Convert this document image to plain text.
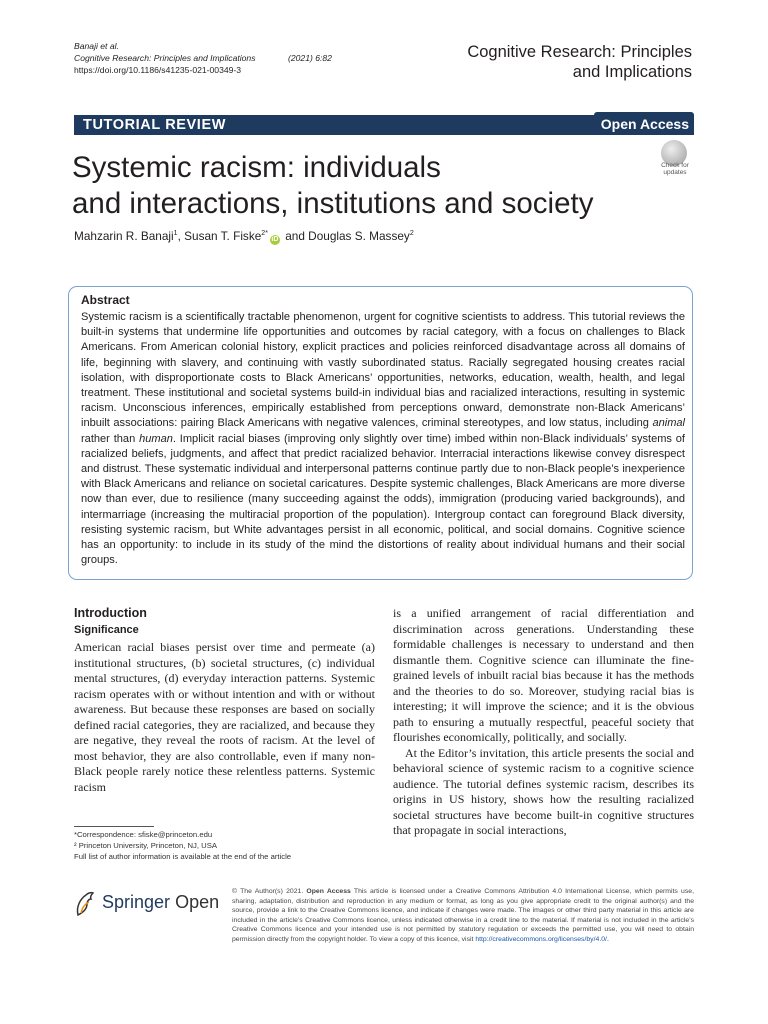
Banaji et al.
Cognitive Research: Principles and Implications	(2021) 6:82
https://doi.org/10.1186/s41235-021-00349-3
Cognitive Research: Principles
and Implications
TUTORIAL REVIEW	Open Access
Systemic racism: individuals
and interactions, institutions and society
Check for
updates
Mahzarin R. Banaji$^1$, Susan T. Fiske$^{2*}$iD and Douglas S. Massey$^2$
Abstract
Systemic racism is a scientifically tractable phenomenon, urgent for cognitive scientists to address. This tutorial reviews the built-in systems that undermine life opportunities and outcomes by racial category, with a focus on challenges to Black Americans. From American colonial history, explicit practices and policies reinforced disadvantage across all domains of life, beginning with slavery, and continuing with vastly subordinated status. Racially segregated housing creates racial isolation, with disproportionate costs to Black Americans’ opportunities, networks, education, wealth, health, and legal treatment. These institutional and societal systems build-in individual bias and racialized interactions, resulting in systemic racism. Unconscious inferences, empirically established from perceptions onward, demonstrate non-Black Americans’ inbuilt associations: pairing Black Americans with negative valences, criminal stereotypes, and low status, including animal rather than human. Implicit racial biases (improving only slightly over time) imbed within non-Black individuals’ systems of racialized beliefs, judgments, and affect that predict racialized behavior. Interracial interactions likewise convey disrespect and distrust. These systematic individual and interpersonal patterns continue partly due to non-Black people’s inexperience with Black Americans and reliance on societal caricatures. Despite systemic challenges, Black Americans are more diverse now than ever, due to resilience (many succeeding against the odds), immigration (producing varied backgrounds), and intermarriage (increasing the multiracial proportion of the population). Intergroup contact can foreground Black diversity, resisting systemic racism, but White advantages persist in all economic, political, and social domains. Cognitive science has an opportunity: to include in its study of the mind the distortions of reality about individual humans and their social groups.
Introduction
Significance

American racial biases persist over time and permeate (a) institutional structures, (b) societal structures, (c) individual mental structures, (d) everyday interaction patterns. Systemic racism operates with or without intention and with or without awareness. But because these responses are based on socially defined racial categories, they are racialized, and because they are negative, they reveal the roots of racism. At the level of most behavior, they are also controllable, even if many non-Black people rarely notice these relentless patterns. Systemic racism

is a unified arrangement of racial differentiation and discrimination across generations. Understanding these formidable challenges is necessary to understand and then dismantle them. Cognitive science can illuminate the fine-grained levels of inbuilt racial bias because it has the methods and the theories to do so. Moreover, studying racial bias is interesting; it will improve the science; and it is the obvious path to ensuring a mutually respectful, peaceful society that flourishes economically, politically, and socially.

At the Editor’s invitation, this article presents the social and behavioral science of systemic racism to a cognitive science audience. The tutorial defines systemic racism, describes its origins in US history, shows how the resulting racialized societal structures have become built-in cognitive structures that propagate in social interactions,

*Correspondence: sfiske@princeton.edu
² Princeton University, Princeton, NJ, USA
Full list of author information is available at the end of the article
Springer Open
© The Author(s) 2021. Open Access This article is licensed under a Creative Commons Attribution 4.0 International License, which permits use, sharing, adaptation, distribution and reproduction in any medium or format, as long as you give appropriate credit to the original author(s) and the source, provide a link to the Creative Commons licence, and indicate if changes were made. The images or other third party material in this article are included in the article’s Creative Commons licence, unless indicated otherwise in a credit line to the material. If material is not included in the article’s Creative Commons licence and your intended use is not permitted by statutory regulation or exceeds the permitted use, you will need to obtain permission directly from the copyright holder. To view a copy of this licence, visit http://creativecommons.org/licenses/by/4.0/.
